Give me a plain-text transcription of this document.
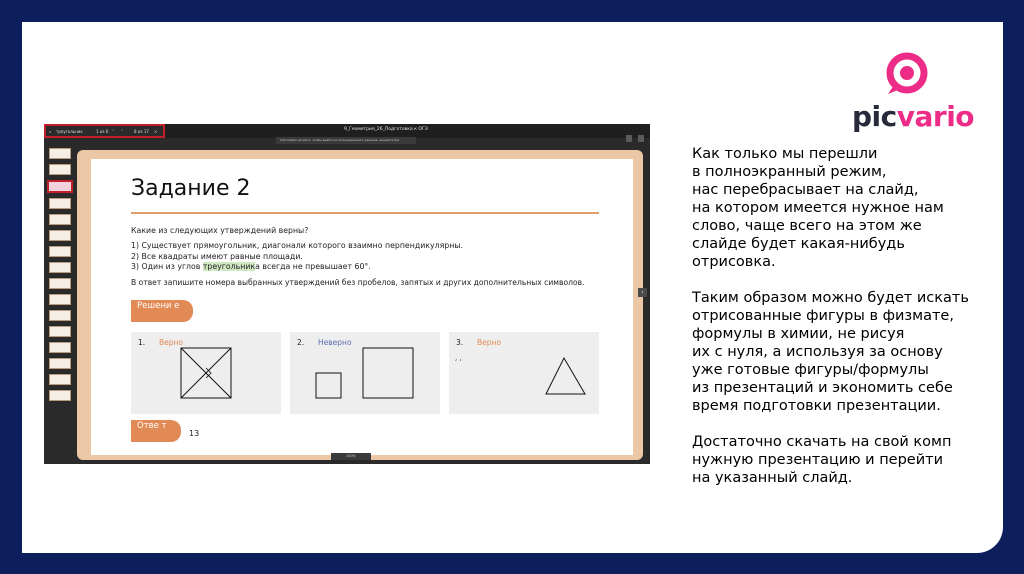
picvario

Как только мы перешли
в полноэкранный режим,
нас перебрасывает на слайд,
на котором имеется нужное нам
слово, чаще всего на этом же
слайде будет какая-нибудь
отрисовка.

Таким образом можно будет искать
отрисованные фигуры в физмате,
формулы в химии, не рисуя
их с нуля, а используя за основу
уже готовые фигуры/формулы
из презентаций и экономить себе
время подготовки презентации.

Достаточно скачать на свой комп
нужную презентацию и перейти
на указанный слайд.

⌕ треугольник	1 из 6 ˄ ˅	8 из 17 ×	9_Геометрия_26_Подготовка к ОГЭ
Information picvario: чтобы выйти из полноэкранного режима, нажмите Esc
Задание 2
Какие из следующих утверждений верны?
1) Существует прямоугольник, диагонали которого взаимно перпендикулярны.
2) Все квадраты имеют равные площади.
3) Один из углов треугольника всегда не превышает 60°.
В ответ запишите номера выбранных утверждений без пробелов, запятых и других дополнительных символов.
Решени е
1. Верно	2. Неверно	3. Верно
, ,
Отве т
13
›
100%
